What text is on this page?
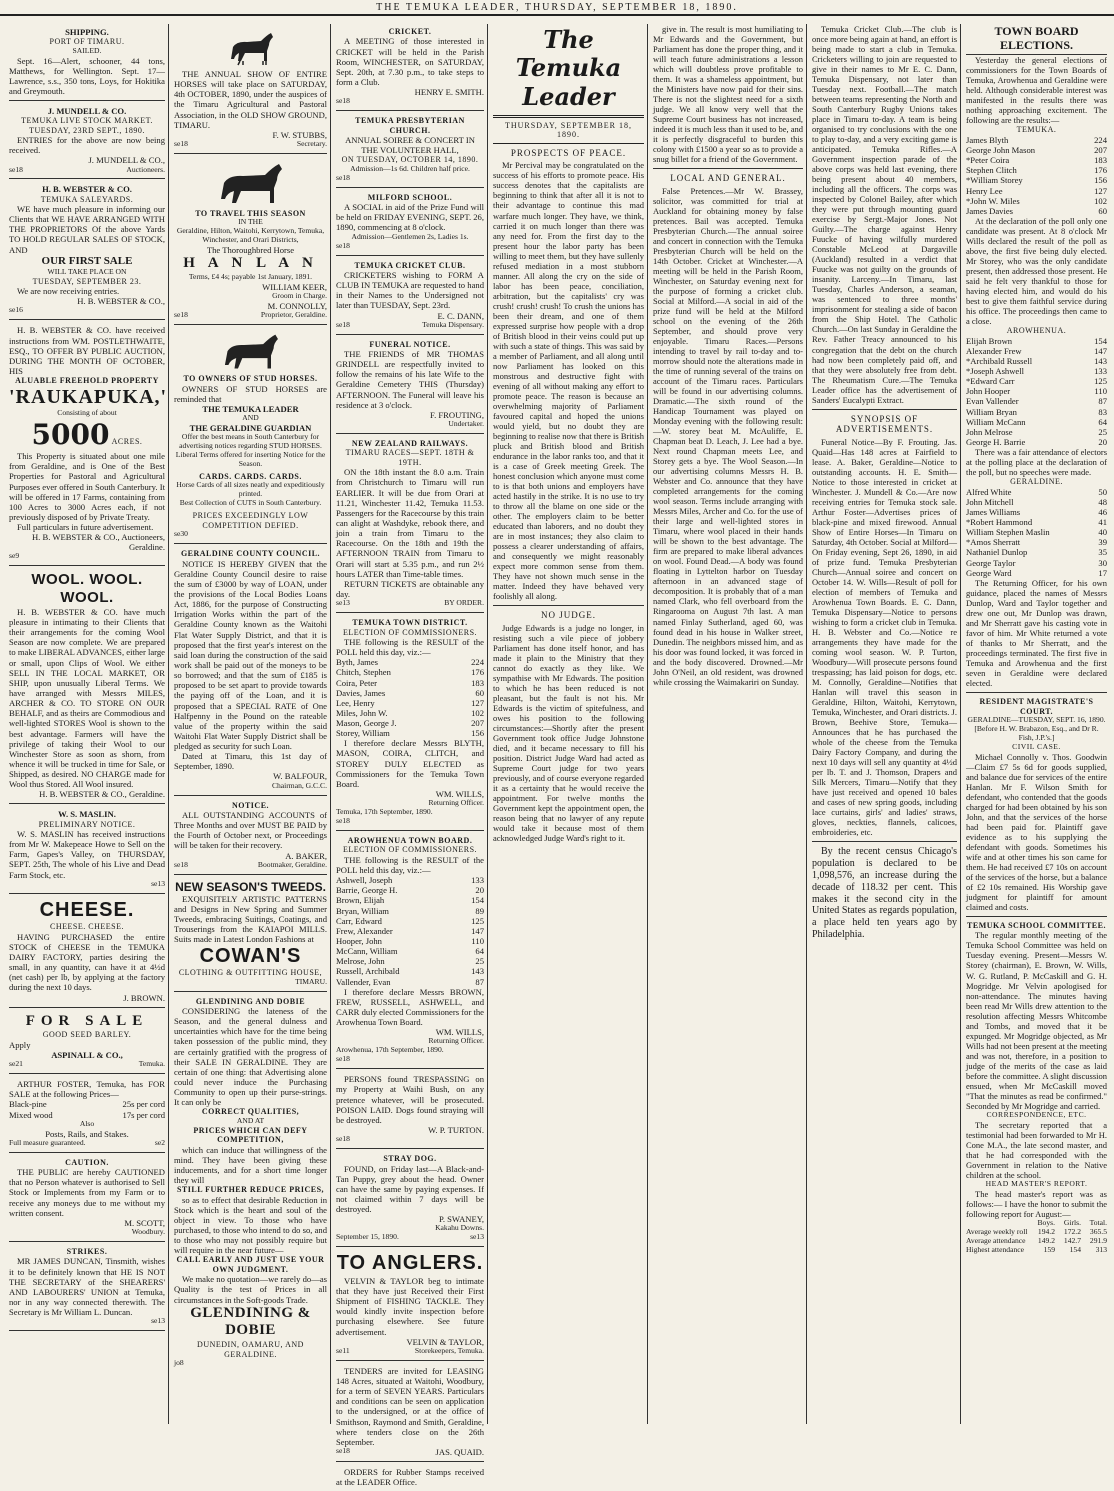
THE TEMUKA LEADER, THURSDAY, SEPTEMBER 18, 1890.
SHIPPING.
PORT OF TIMARU.
SAILED.
Sept. 16—Alert, schooner, 44 tons, Matthews, for Wellington. Sept. 17—Lawrence, s.s., 350 tons, Loys, for Hokitika and Greymouth.
J. MUNDELL & CO.
TEMUKA LIVE STOCK MARKET.
TUESDAY, 23RD SEPT., 1890.
ENTRIES for the above are now being received.
J. MUNDELL & CO.,
se18	Auctioneers.
H. B. WEBSTER & CO.
TEMUKA SALEYARDS.
WE have much pleasure in informing our Clients that WE HAVE ARRANGED WITH THE PROPRIETORS Of the above Yards TO HOLD REGULAR SALES OF STOCK, AND
OUR FIRST SALE
WILL TAKE PLACE ON
TUESDAY, SEPTEMBER 23.
We are now receiving entries.
H. B. WEBSTER & CO.,
se16
H. B. WEBSTER & CO. have received instructions from WM. POSTLETHWAITE, ESQ., TO OFFER BY PUBLIC AUCTION, DURING THE MONTH OF OCTOBER, HIS
ALUABLE FREEHOLD PROPERTY
'RAUKAPUKA,'
Consisting of about
5000 ACRES.
This Property is situated about one mile from Geraldine, and is One of the Best Properties for Pastoral and Agricultural Purposes ever offered in South Canterbury. It will be offered in 17 Farms, containing from 100 Acres to 3000 Acres each, if not previously disposed of by Private Treaty.
Full particulars in future advertisement.
H. B. WEBSTER & CO., Auctioneers, Geraldine.
se9
WOOL. WOOL. WOOL.
H. B. WEBSTER & CO. have much pleasure in intimating to their Clients that their arrangements for the coming Wool Season are now complete. We are prepared to make LIBERAL ADVANCES, either large or small, upon Clips of Wool. We either SELL IN THE LOCAL MARKET, OR SHIP, upon unusually Liberal Terms. We have arranged with Messrs MILES, ARCHER & CO. TO STORE ON OUR BEHALF, and as theirs are Commodious and well-lighted STORES Wool is shown to the best advantage. Farmers will have the privilege of taking their Wool to our Winchester Store as soon as shorn, from whence it will be trucked in time for Sale, or Shipped, as desired. NO CHARGE made for Wool thus Stored. All Wool insured.
H. B. WEBSTER & CO., Geraldine.
W. S. MASLIN.
PRELIMINARY NOTICE.
W. S. MASLIN has received instructions from Mr W. Makepeace Howe to Sell on the Farm, Gapes's Valley, on THURSDAY, SEPT. 25th, The whole of his Live and Dead Farm Stock, etc.
se13
CHEESE.
CHEESE. CHEESE.
HAVING PURCHASED the entire STOCK of CHEESE in the TEMUKA DAIRY FACTORY, parties desiring the small, in any quantity, can have it at 4½d (net cash) per lb, by applying at the factory during the next 10 days.
J. BROWN.
FOR SALE
GOOD SEED BARLEY.
Apply
ASPINALL & CO.,
se21	Temuka.
ARTHUR FOSTER, Temuka, has FOR SALE at the following Prices—
Black-pine	25s per cord
Mixed wood	17s per cord
Also
Posts, Rails, and Stakes.
Full measure guaranteed.	se2
CAUTION.
THE PUBLIC are hereby CAUTIONED that no Person whatever is authorised to Sell Stock or Implements from my Farm or to receive any moneys due to me without my written consent.
M. SCOTT,
Woodbury.
STRIKES.
MR JAMES DUNCAN, Tinsmith, wishes it to be definitely known that HE IS NOT THE SECRETARY of the SHEARERS' AND LABOURERS' UNION at Temuka, nor in any way connected therewith. The Secretary is Mr William L. Duncan.
se13
THE ANNUAL SHOW OF ENTIRE HORSES will take place on SATURDAY, 4th OCTOBER, 1890, under the auspices of the Timaru Agricultural and Pastoral Association, in the OLD SHOW GROUND, TIMARU.
F. W. STUBBS,
se18	Secretary.
TO TRAVEL THIS SEASON
IN THE
Geraldine, Hilton, Waitohi, Kerrytown, Temuka, Winchester, and Orari Districts,
The Thoroughbred Horse
H A N L A N
Terms, £4 4s; payable 1st January, 1891.
WILLIAM KEER,
Groom in Charge.
M. CONNOLLY,
se18	Proprietor, Geraldine.
TO OWNERS OF STUD HORSES.
OWNERS OF STUD HORSES are reminded that
THE TEMUKA LEADER
AND
THE GERALDINE GUARDIAN
Offer the best means in South Canterbury for advertising notices regarding STUD HORSES.
Liberal Terms offered for inserting Notice for the Season.
CARDS. CARDS. CARDS.
Horse Cards of all sizes neatly and expeditiously printed.
Best Collection of CUTS in South Canterbury.
PRICES EXCEEDINGLY LOW COMPETITION DEFIED.
se30
GERALDINE COUNTY COUNCIL.
NOTICE IS HEREBY GIVEN that the Geraldine County Council desire to raise the sum of £3000 by way of LOAN, under the provisions of the Local Bodies Loans Act, 1886, for the purpose of Constructing Irrigation Works within the part of the Geraldine County known as the Waitohi Flat Water Supply District, and that it is proposed that the first year's interest on the said loan during the construction of the said work shall be paid out of the moneys to be so borrowed; and that the sum of £185 is proposed to be set apart to provide towards the paying off of the Loan, and it is proposed that a SPECIAL RATE of One Halfpenny in the Pound on the rateable value of the property within the said Waitohi Flat Water Supply District shall be pledged as security for such Loan.
Dated at Timaru, this 1st day of September, 1890.
W. BALFOUR,
Chairman, G.C.C.
NOTICE.
ALL OUTSTANDING ACCOUNTS of Three Months and over MUST BE PAID by the Fourth of October next, or Proceedings will be taken for their recovery.
A. BAKER,
se18	Bootmaker, Geraldine.
NEW SEASON'S TWEEDS.
EXQUISITELY ARTISTIC PATTERNS and Designs in New Spring and Summer Tweeds, embracing Suitings, Coatings, and Trouserings from the KAIAPOI MILLS. Suits made in Latest London Fashions at
COWAN'S
CLOTHING & OUTFITTING HOUSE,
TIMARU.
GLENDINING AND DOBIE
CONSIDERING the lateness of the Season, and the general dulness and uncertainties which have for the time being taken possession of the public mind, they are certainly gratified with the progress of their SALE IN GERALDINE. They are certain of one thing: that Advertising alone could never induce the Purchasing Community to open up their purse-strings. It can only be
CORRECT QUALITIES,
AND AT
PRICES WHICH CAN DEFY COMPETITION,
which can induce that willingness of the mind. They have been giving these inducements, and for a short time longer they will
STILL FURTHER REDUCE PRICES,
so as to effect that desirable Reduction in Stock which is the heart and soul of the object in view. To those who have purchased, to those who intend to do so, and to those who may not possibly require but will require in the near future—
CALL EARLY AND JUST USE YOUR OWN JUDGMENT.
We make no quotation—we rarely do—as Quality is the test of Prices in all circumstances in the Soft-goods Trade.
GLENDINING & DOBIE
DUNEDIN, OAMARU, AND GERALDINE.
jo8
CRICKET.
A MEETING of those interested in CRICKET will be held in the Parish Room, WINCHESTER, on SATURDAY, Sept. 20th, at 7.30 p.m., to take steps to form a Club.
HENRY E. SMITH.
se18
TEMUKA PRESBYTERIAN CHURCH.
ANNUAL SOIREE & CONCERT IN THE VOLUNTEER HALL,
ON TUESDAY, OCTOBER 14, 1890.
Admission—1s 6d. Children half price.
se18
MILFORD SCHOOL.
A SOCIAL in aid of the Prize Fund will be held on FRIDAY EVENING, SEPT. 26, 1890, commencing at 8 o'clock.
Admission—Gentlemen 2s, Ladies 1s.
se18
TEMUKA CRICKET CLUB.
CRICKETERS wishing to FORM A CLUB IN TEMUKA are requested to hand in their Names to the Undersigned not later than TUESDAY, Sept. 23rd.
E. C. DANN,
se18	Temuka Dispensary.
FUNERAL NOTICE.
THE FRIENDS of MR THOMAS GRINDELL are respectfully invited to follow the remains of his late Wife to the Geraldine Cemetery THIS (Thursday) AFTERNOON. The Funeral will leave his residence at 3 o'clock.
F. FROUTING,
Undertaker.
NEW ZEALAND RAILWAYS.
TIMARU RACES—SEPT. 18TH & 19TH.
ON the 18th instant the 8.0 a.m. Train from Christchurch to Timaru will run EARLIER. It will be due from Orari at 11.21, Winchester 11.42, Temuka 11.53. Passengers for the Racecourse by this train can alight at Washdyke, rebook there, and join a train from Timaru to the Racecourse. On the 18th and 19th the AFTERNOON TRAIN from Timaru to Orari will start at 5.35 p.m., and run 2½ hours LATER than Time-table times.
RETURN TICKETS are obtainable any day.
se13	BY ORDER.
TEMUKA TOWN DISTRICT.
ELECTION OF COMMISSIONERS.
THE following is the RESULT of the POLL held this day, viz.:—
Byth, James	224
Chitch, Stephen	176
Coira, Peter	183
Davies, James	60
Lee, Henry	127
Miles, John W.	102
Mason, George J.	207
Storey, William	156
I therefore declare Messrs BLYTH, MASON, COIRA, CLITCH, and STOREY DULY ELECTED as Commissioners for the Temuka Town Board.
WM. WILLS,
Returning Officer.
Temuka, 17th September, 1890.
se18
AROWHENUA TOWN BOARD.
ELECTION OF COMMISSIONERS.
THE following is the RESULT of the POLL held this day, viz.:—
Ashwell, Joseph	133
Barrie, George H.	20
Brown, Elijah	154
Bryan, William	89
Carr, Edward	125
Frew, Alexander	147
Hooper, John	110
McCann, William	64
Melrose, John	25
Russell, Archibald	143
Vallender, Evan	87
I therefore declare Messrs BROWN, FREW, RUSSELL, ASHWELL, and CARR duly elected Commissioners for the Arowhenua Town Board.
WM. WILLS,
Returning Officer.
Arowhenua, 17th September, 1890.
se18
PERSONS found TRESPASSING on my Property at Waihi Bush, on any pretence whatever, will be prosecuted. POISON LAID. Dogs found straying will be destroyed.
W. P. TURTON.
se18
STRAY DOG.
FOUND, on Friday last—A Black-and-Tan Puppy, grey about the head. Owner can have the same by paying expenses. If not claimed within 7 days will be destroyed.
P. SWANEY,
Kakahu Downs.
September 15, 1890.	se13
TO ANGLERS.
VELVIN & TAYLOR beg to intimate that they have just Received their First Shipment of FISHING TACKLE. They would kindly invite inspection before purchasing elsewhere. See future advertisement.
VELVIN & TAYLOR,
se11	Storekeepers, Temuka.
TENDERS are invited for LEASING 148 Acres, situated at Waitohi, Woodbury, for a term of SEVEN YEARS. Particulars and conditions can be seen on application to the undersigned, or at the office of Smithson, Raymond and Smith, Geraldine, where tenders close on the 26th September.
se18	JAS. QUAID.
ORDERS for Rubber Stamps received at the LEADER Office.
The Temuka Leader
THURSDAY, SEPTEMBER 18, 1890.
PROSPECTS OF PEACE.
Mr Percival may be congratulated on the success of his efforts to promote peace. His success denotes that the capitalists are beginning to think that after all it is not to their advantage to continue this mad warfare much longer. They have, we think, carried it on much longer than there was any need for. From the first day to the present hour the labor party has been willing to meet them, but they have sullenly refused mediation in a most stubborn manner. All along the cry on the side of labor has been peace, conciliation, arbitration, but the capitalists' cry was crush! crush! crush! To crush the unions has been their dream, and one of them expressed surprise how people with a drop of British blood in their veins could put up with such a state of things. This was said by a member of Parliament, and all along until now Parliament has looked on this monstrous and destructive fight with evening of all without making any effort to promote peace. The reason is because an overwhelming majority of Parliament favoured capital and hoped the unions would yield, but no doubt they are beginning to realise now that there is British pluck and British blood and British endurance in the labor ranks too, and that it is a case of Greek meeting Greek. The honest conclusion which anyone must come to is that both unions and employers have acted hastily in the strike. It is no use to try to throw all the blame on one side or the other. The employers claim to be better educated than laborers, and no doubt they are in most instances; they also claim to possess a clearer understanding of affairs, and consequently we might reasonably expect more common sense from them. They have not shown much sense in the matter. Indeed they have behaved very foolishly all along.
NO JUDGE.
Judge Edwards is a judge no longer, in resisting such a vile piece of jobbery Parliament has done itself honor, and has made it plain to the Ministry that they cannot do exactly as they like. We sympathise with Mr Edwards. The position to which he has been reduced is not pleasant, but the fault is not his. Mr Edwards is the victim of spitefulness, and owes his position to the following circumstances:—Shortly after the present Government took office Judge Johnstone died, and it became necessary to fill his position. District Judge Ward had acted as Supreme Court judge for two years previously, and of course everyone regarded it as a certainty that he would receive the appointment. For twelve months the Government kept the appointment open, the reason being that no lawyer of any repute would take it because most of them acknowledged Judge Ward's right to it.
give in. The result is most humiliating to Mr Edwards and the Government, but Parliament has done the proper thing, and it will teach future administrations a lesson which will doubtless prove profitable to them. It was a shameless appointment, but the Ministers have now paid for their sins. There is not the slightest need for a sixth judge. We all know very well that the Supreme Court business has not increased, indeed it is much less than it used to be, and it is perfectly disgraceful to burden this colony with £1500 a year so as to provide a snug billet for a friend of the Government.
LOCAL AND GENERAL.
False Pretences.—Mr W. Brassey, solicitor, was committed for trial at Auckland for obtaining money by false pretences. Bail was accepted. Temuka Presbyterian Church.—The annual soiree and concert in connection with the Temuka Presbyterian Church will be held on the 14th October. Cricket at Winchester.—A meeting will be held in the Parish Room, Winchester, on Saturday evening next for the purpose of forming a cricket club. Social at Milford.—A social in aid of the prize fund will be held at the Milford school on the evening of the 26th September, and should prove very enjoyable. Timaru Races.—Persons intending to travel by rail to-day and to-morrow should note the alterations made in the time of running several of the trains on account of the Timaru races. Particulars will be found in our advertising columns. Dramatic.—The sixth round of the Handicap Tournament was played on Monday evening with the following result:—W. storey beat M. McAuliffe, E. Chapman beat D. Leach, J. Lee had a bye. Next round Chapman meets Lee, and Storey gets a bye. The Wool Season.—In our advertising columns Messrs H. B. Webster and Co. announce that they have completed arrangements for the coming wool season. Terms include arranging with Messrs Miles, Archer and Co. for the use of their large and well-lighted stores in Timaru, where wool placed in their hands will be shown to the best advantage. The firm are prepared to make liberal advances on wool. Found Dead.—A body was found floating in Lyttelton harbor on Tuesday afternoon in an advanced stage of decomposition. It is probably that of a man named Clark, who fell overboard from the Ringarooma on August 7th last. A man named Finlay Sutherland, aged 60, was found dead in his house in Walker street, Dunedin. The neighbors missed him, and as his door was found locked, it was forced in and the body discovered. Drowned.—Mr John O'Neil, an old resident, was drowned while crossing the Waimakariri on Sunday.
Temuka Cricket Club.—The club is once more being again at hand, an effort is being made to start a club in Temuka. Cricketers willing to join are requested to give in their names to Mr E. C. Dann, Temuka Dispensary, not later than Tuesday next. Football.—The match between teams representing the North and South Canterbury Rugby Unions takes place in Timaru to-day. A team is being organised to try conclusions with the one to play to-day, and a very exciting game is anticipated. Temuka Rifles.—A Government inspection parade of the above corps was held last evening, there being present about 40 members, including all the officers. The corps was inspected by Colonel Bailey, after which they were put through mounting guard exercise by Sergt.-Major Jones. Not Guilty.—The charge against Henry Fuucke of having wilfully murdered Constable McLeod at Dargaville (Auckland) resulted in a verdict that Fuucke was not guilty on the grounds of insanity. Larceny.—In Timaru, last Tuesday, Charles Anderson, a seaman, was sentenced to three months' imprisonment for stealing a side of bacon from the Ship Hotel. The Catholic Church.—On last Sunday in Geraldine the Rev. Father Treacy announced to his congregation that the debt on the church had now been completely paid off, and that they were absolutely free from debt. The Rheumatism Cure.—The Temuka Leader office has the advertisement of Sanders' Eucalypti Extract.
SYNOPSIS OF ADVERTISEMENTS.
Funeral Notice—By F. Frouting. Jas. Quaid—Has 148 acres at Fairfield to lease. A. Baker, Geraldine—Notice to outstanding accounts. H. E. Smith—Notice to those interested in cricket at Winchester. J. Mundell & Co.—Are now receiving entries for Temuka stock sale. Arthur Foster—Advertises prices of black-pine and mixed firewood. Annual Show of Entire Horses—In Timaru on Saturday, 4th October. Social at Milford—On Friday evening, Sept 26, 1890, in aid of prize fund. Temuka Presbyterian Church—Annual soiree and concert on October 14. W. Wills—Result of poll for election of members of Temuka and Arowhenua Town Boards. E. C. Dann, Temuka Dispensary—Notice to persons wishing to form a cricket club in Temuka. H. B. Webster and Co.—Notice re arrangements they have made for the coming wool season. W. P. Turton, Woodbury—Will prosecute persons found trespassing; has laid poison for dogs, etc. M. Connolly, Geraldine—Notifies that Hanlan will travel this season in Geraldine, Hilton, Waitohi, Kerrytown, Temuka, Winchester, and Orari districts. J. Brown, Beehive Store, Temuka—Announces that he has purchased the whole of the cheese from the Temuka Dairy Factory Company, and during the next 10 days will sell any quantity at 4½d per lb. T. and J. Thomson, Drapers and Silk Mercers, Timaru—Notify that they have just received and opened 10 bales and cases of new spring goods, including lace curtains, girls' and ladies' straws, gloves, neckties, flannels, calicoes, embroideries, etc.
By the recent census Chicago's population is declared to be 1,098,576, an increase during the decade of 118.32 per cent. This makes it the second city in the United States as regards population, a place held ten years ago by Philadelphia.
TOWN BOARD ELECTIONS.
Yesterday the general elections of commissioners for the Town Boards of Temuka, Arowhenua and Geraldine were held. Although considerable interest was manifested in the results there was nothing approaching excitement. The following are the results:—
TEMUKA.
James Blyth	224
George John Mason	207
*Peter Coira	183
Stephen Clitch	176
*William Storey	156
Henry Lee	127
*John W. Miles	102
James Davies	60
At the declaration of the poll only one candidate was present. At 8 o'clock Mr Wills declared the result of the poll as above, the first five being duly elected. Mr Storey, who was the only candidate present, then addressed those present. He said he felt very thankful to those for having elected him, and would do his best to give them faithful service during his office. The proceedings then came to a close.
AROWHENUA.
Elijah Brown	154
Alexander Frew	147
*Archibald Russell	143
*Joseph Ashwell	133
*Edward Carr	125
John Hooper	110
Evan Vallender	87
William Bryan	83
William McCann	64
John Melrose	25
George H. Barrie	20
There was a fair attendance of electors at the polling place at the declaration of the poll, but no speeches were made.
GERALDINE.
Alfred White	50
John Mitchell	48
James Williams	46
*Robert Hammond	41
William Stephen Maslin	40
*Amos Sherratt	39
Nathaniel Dunlop	35
George Taylor	30
George Ward	17
The Returning Officer, for his own guidance, placed the names of Messrs Dunlop, Ward and Taylor together and drew one out, Mr Dunlop was drawn, and Mr Sherratt gave his casting vote in favor of him. Mr White returned a vote of thanks to Mr Sherratt, and the proceedings terminated. The first five in Temuka and Arowhenua and the first seven in Geraldine were declared elected.
RESIDENT MAGISTRATE'S COURT.
GERALDINE—TUESDAY, SEPT. 16, 1890.
[Before H. W. Brabazon, Esq., and Dr R. Fish, J.P.'s.]
CIVIL CASE.
Michael Connolly v. Thos. Goodwin—Claim £7 5s 6d for goods supplied, and balance due for services of the entire Hanlan. Mr F. Wilson Smith for defendant, who contended that the goods charged for had been obtained by his son John, and that the services of the horse had been paid for. Plaintiff gave evidence as to his supplying the defendant with goods. Sometimes his wife and at other times his son came for them. He had received £7 10s on account of the services of the horse, but a balance of £2 10s remained. His Worship gave judgment for plaintiff for amount claimed and costs.
TEMUKA SCHOOL COMMITTEE.
The regular monthly meeting of the Temuka School Committee was held on Tuesday evening. Present—Messrs W. Storey (chairman), E. Brown, W. Wills, W. G. Rutland, P. McCaskill and G. H. Mogridge. Mr Velvin apologised for non-attendance. The minutes having been read Mr Wills drew attention to the resolution affecting Messrs Whitcombe and Tombs, and moved that it be expunged. Mr Mogridge objected, as Mr Wills had not been present at the meeting and was not, therefore, in a position to judge of the merits of the case as laid before the committee. A slight discussion ensued, when Mr McCaskill moved "That the minutes as read be confirmed." Seconded by Mr Mogridge and carried.
CORRESPONDENCE, ETC.
The secretary reported that a testimonial had been forwarded to Mr H. Cone M.A., the late second master, and that he had corresponded with the Government in relation to the Native children at the school.
HEAD MASTER'S REPORT.
The head master's report was as follows:— I have the honor to submit the following report for August:—
Boys.	Girls.	Total.
Average weekly roll	194.2	172.2	365.5
Average attendance	149.2	142.7	291.9
Highest attendance	159	154	313
